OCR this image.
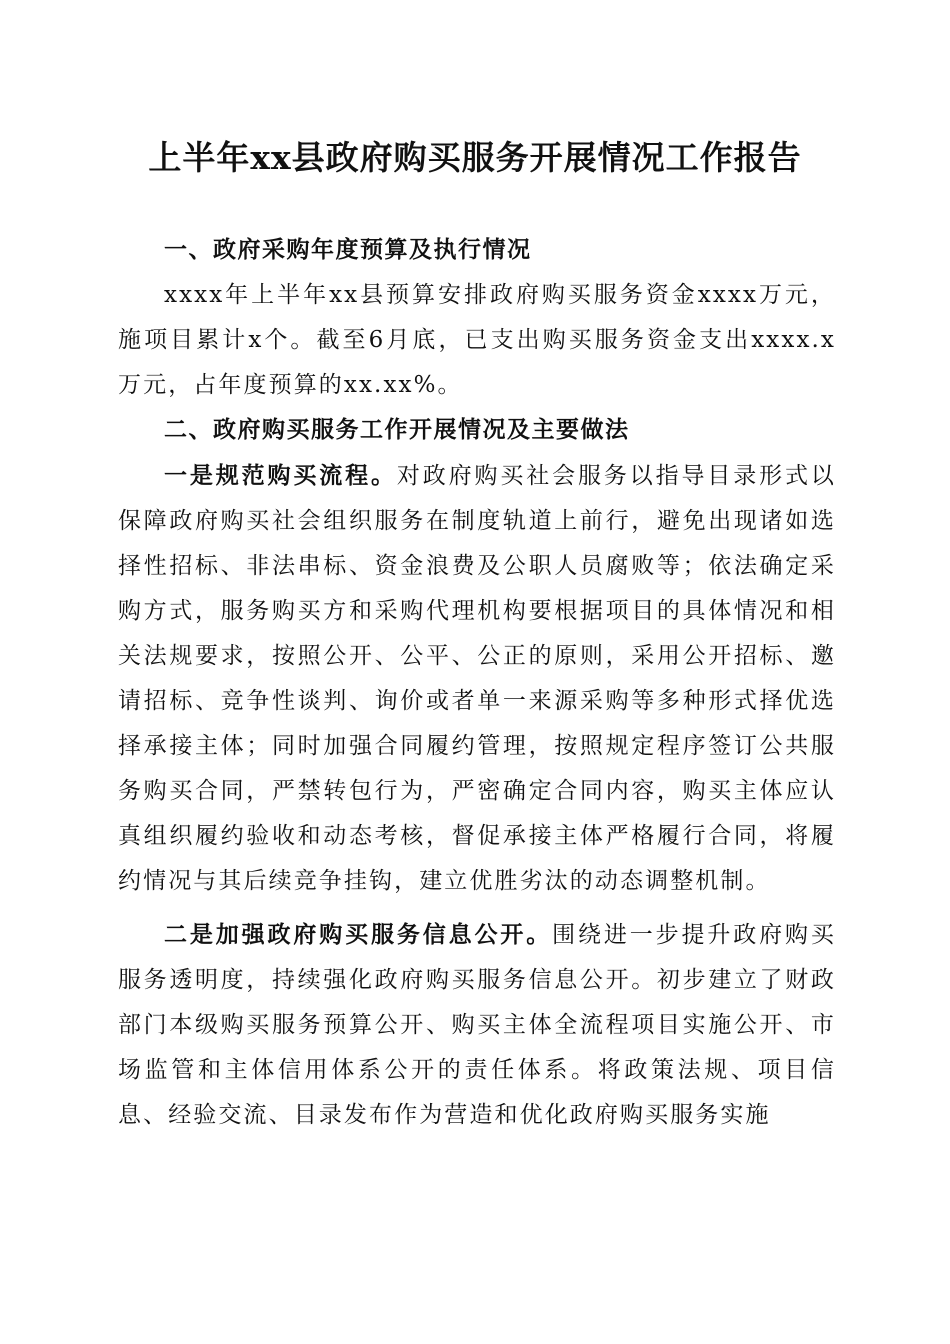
上半年xx县政府购买服务开展情况工作报告

一、政府采购年度预算及执行情况

xxxx年上半年xx县预算安排政府购买服务资金xxxx万元，施项目累计x个。截至6月底，已支出购买服务资金支出xxxx.x万元，占年度预算的xx.xx%。

二、政府购买服务工作开展情况及主要做法

一是规范购买流程。对政府购买社会服务以指导目录形式以保障政府购买社会组织服务在制度轨道上前行，避免出现诸如选择性招标、非法串标、资金浪费及公职人员腐败等；依法确定采购方式，服务购买方和采购代理机构要根据项目的具体情况和相关法规要求，按照公开、公平、公正的原则，采用公开招标、邀请招标、竞争性谈判、询价或者单一来源采购等多种形式择优选择承接主体；同时加强合同履约管理，按照规定程序签订公共服务购买合同，严禁转包行为，严密确定合同内容，购买主体应认真组织履约验收和动态考核，督促承接主体严格履行合同，将履约情况与其后续竞争挂钩，建立优胜劣汰的动态调整机制。

二是加强政府购买服务信息公开。围绕进一步提升政府购买服务透明度，持续强化政府购买服务信息公开。初步建立了财政部门本级购买服务预算公开、购买主体全流程项目实施公开、市场监管和主体信用体系公开的责任体系。将政策法规、项目信息、经验交流、目录发布作为营造和优化政府购买服务实施
